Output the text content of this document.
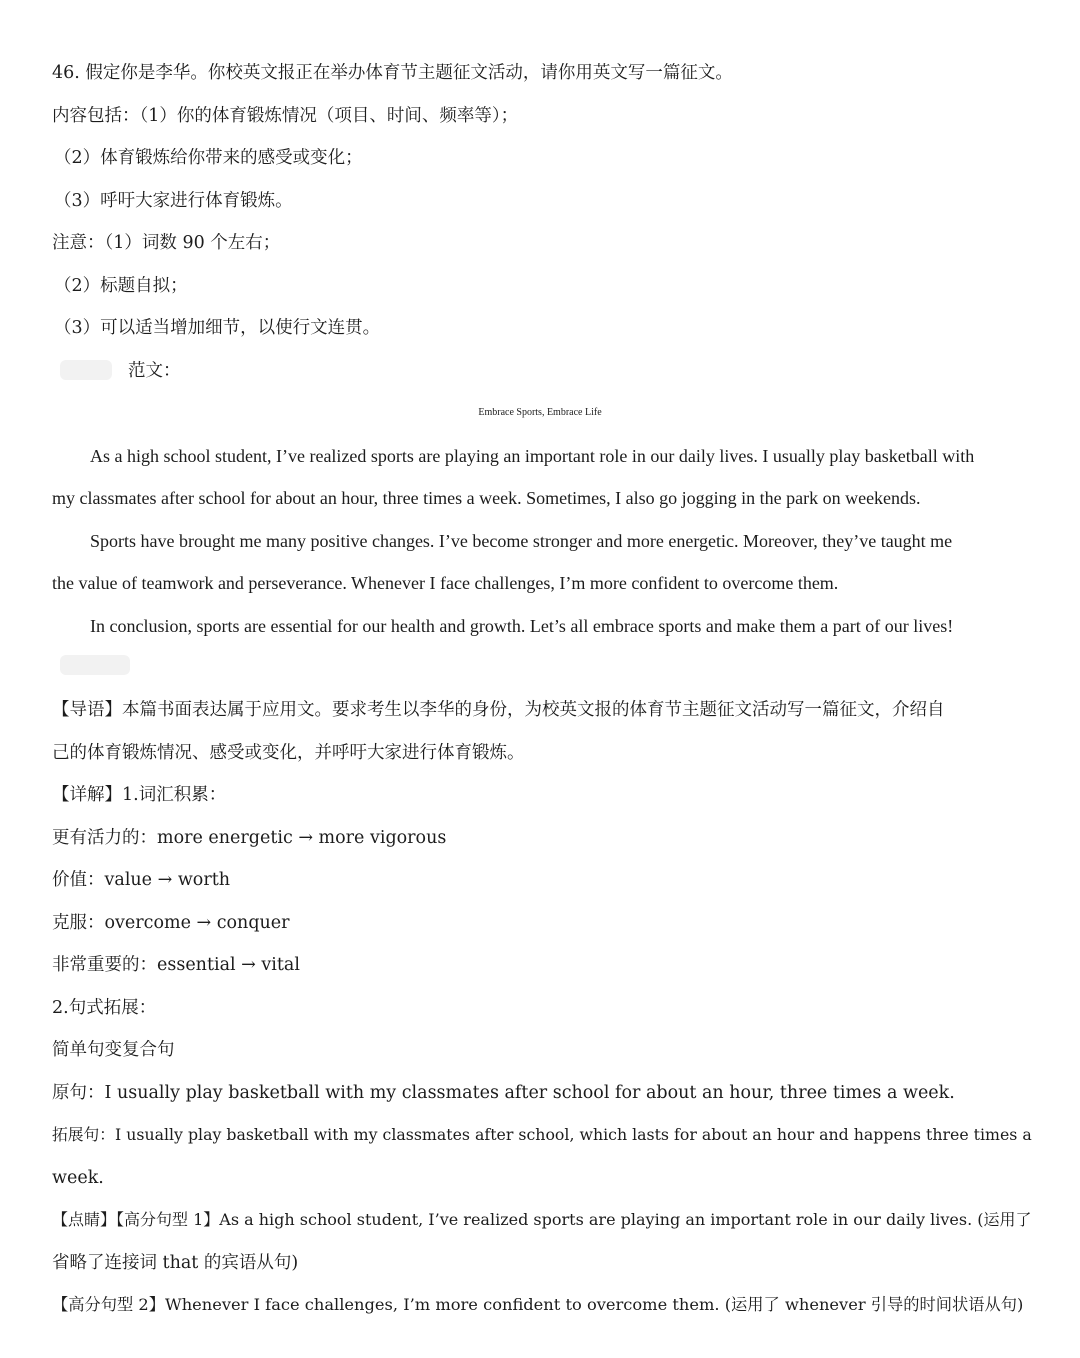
46. 假定你是李华。你校英文报正在举办体育节主题征文活动，请你用英文写一篇征文。
内容包括：（1）你的体育锻炼情况（项目、时间、频率等）；
（2）体育锻炼给你带来的感受或变化；
（3）呼吁大家进行体育锻炼。
注意：（1）词数 90 个左右；
（2）标题自拟；
（3）可以适当增加细节，以使行文连贯。
范文：
Embrace Sports, Embrace Life
As a high school student, I’ve realized sports are playing an important role in our daily lives. I usually play basketball with
my classmates after school for about an hour, three times a week. Sometimes, I also go jogging in the park on weekends.
Sports have brought me many positive changes. I’ve become stronger and more energetic. Moreover, they’ve taught me
the value of teamwork and perseverance. Whenever I face challenges, I’m more confident to overcome them.
In conclusion, sports are essential for our health and growth. Let’s all embrace sports and make them a part of our lives!
【导语】本篇书面表达属于应用文。要求考生以李华的身份，为校英文报的体育节主题征文活动写一篇征文，介绍自
己的体育锻炼情况、感受或变化，并呼吁大家进行体育锻炼。
【详解】1.词汇积累：
更有活力的：more energetic → more vigorous
价值：value → worth
克服：overcome → conquer
非常重要的：essential → vital
2.句式拓展：
简单句变复合句
原句：I usually play basketball with my classmates after school for about an hour, three times a week.
拓展句：I usually play basketball with my classmates after school, which lasts for about an hour and happens three times a
week.
【点睛】【高分句型 1】As a high school student, I’ve realized sports are playing an important role in our daily lives. (运用了
省略了连接词 that 的宾语从句)
【高分句型 2】Whenever I face challenges, I’m more confident to overcome them. (运用了 whenever 引导的时间状语从句)
